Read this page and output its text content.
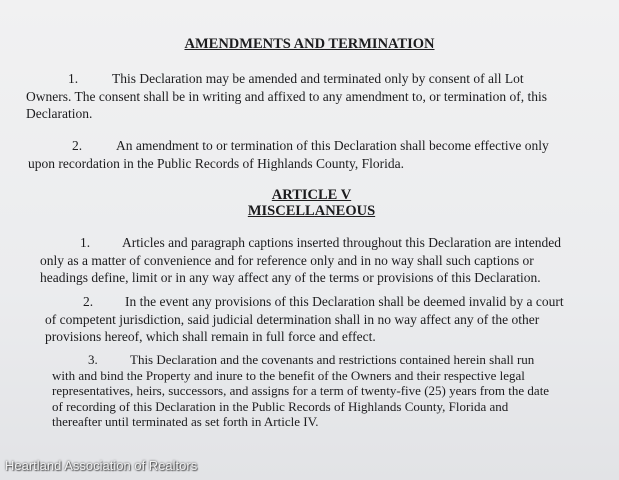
AMENDMENTS AND TERMINATION
1.	This Declaration may be amended and terminated only by consent of all Lot
Owners. The consent shall be in writing and affixed to any amendment to, or termination of, this
Declaration.
2.	An amendment to or termination of this Declaration shall become effective only
upon recordation in the Public Records of Highlands County, Florida.
ARTICLE V
MISCELLANEOUS
1. Articles and paragraph captions inserted throughout this Declaration are intended
only as a matter of convenience and for reference only and in no way shall such captions or
headings define, limit or in any way affect any of the terms or provisions of this Declaration.
2. In the event any provisions of this Declaration shall be deemed invalid by a court
of competent jurisdiction, said judicial determination shall in no way affect any of the other
provisions hereof, which shall remain in full force and effect.
3. This Declaration and the covenants and restrictions contained herein shall run
with and bind the Property and inure to the benefit of the Owners and their respective legal
representatives, heirs, successors, and assigns for a term of twenty-five (25) years from the date
of recording of this Declaration in the Public Records of Highlands County, Florida and
thereafter until terminated as set forth in Article IV.
Heartland Association of Realtors
